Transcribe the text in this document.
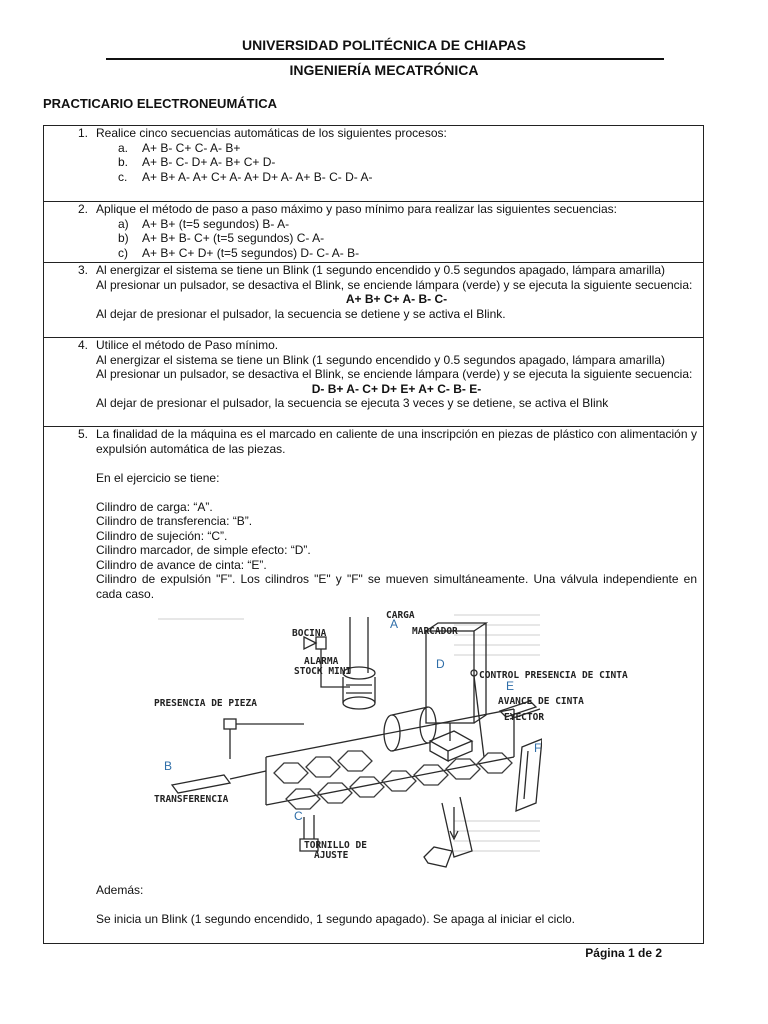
UNIVERSIDAD POLITÉCNICA DE CHIAPAS
INGENIERÍA MECATRÓNICA
PRACTICARIO ELECTRONEUMÁTICA
1. Realice cinco secuencias automáticas de los siguientes procesos:
a.	A+ B- C+ C- A- B+
b.	A+ B- C- D+ A- B+ C+ D-
c.	A+ B+ A- A+ C+ A- A+ D+ A- A+ B- C- D- A-

2. Aplique el método de paso a paso máximo y paso mínimo para realizar las siguientes secuencias:
a)	A+ B+ (t=5 segundos) B- A-
b)	A+ B+ B- C+ (t=5 segundos) C- A-
c)	A+ B+ C+ D+ (t=5 segundos) D- C- A- B-

3. Al energizar el sistema se tiene un Blink (1 segundo encendido y 0.5 segundos apagado, lámpara amarilla)
Al presionar un pulsador, se desactiva el Blink, se enciende lámpara (verde) y se ejecuta la siguiente secuencia:
A+ B+ C+ A- B- C-
Al dejar de presionar el pulsador, la secuencia se detiene y se activa el Blink.

4. Utilice el método de Paso mínimo.
Al energizar el sistema se tiene un Blink (1 segundo encendido y 0.5 segundos apagado, lámpara amarilla)
Al presionar un pulsador, se desactiva el Blink, se enciende lámpara (verde) y se ejecuta la siguiente secuencia:
D- B+ A- C+ D+ E+ A+ C- B- E-
Al dejar de presionar el pulsador, la secuencia se ejecuta 3 veces y se detiene, se activa el Blink

5. La finalidad de la máquina es el marcado en caliente de una inscripción en piezas de plástico con alimentación y expulsión automática de las piezas.
En el ejercicio se tiene:
Cilindro de carga: “A”.
Cilindro de transferencia: “B”.
Cilindro de sujeción: “C”.
Cilindro marcador, de simple efecto: “D”.
Cilindro de avance de cinta: “E”.
Cilindro de expulsión "F". Los cilindros "E" y "F" se mueven simultáneamente. Una válvula independiente en cada caso.
CARGA
MARCADOR
BOCINA
ALARMA
STOCK MINI	CONTROL PRESENCIA DE CINTA
AVANCE DE CINTA
EYECTOR
PRESENCIA DE PIEZA
TRANSFERENCIA
TORNILLO DE
AJUSTE
A
D
E
F
B
C
Además:
Se inicia un Blink (1 segundo encendido, 1 segundo apagado). Se apaga al iniciar el ciclo.
Página 1 de 2
